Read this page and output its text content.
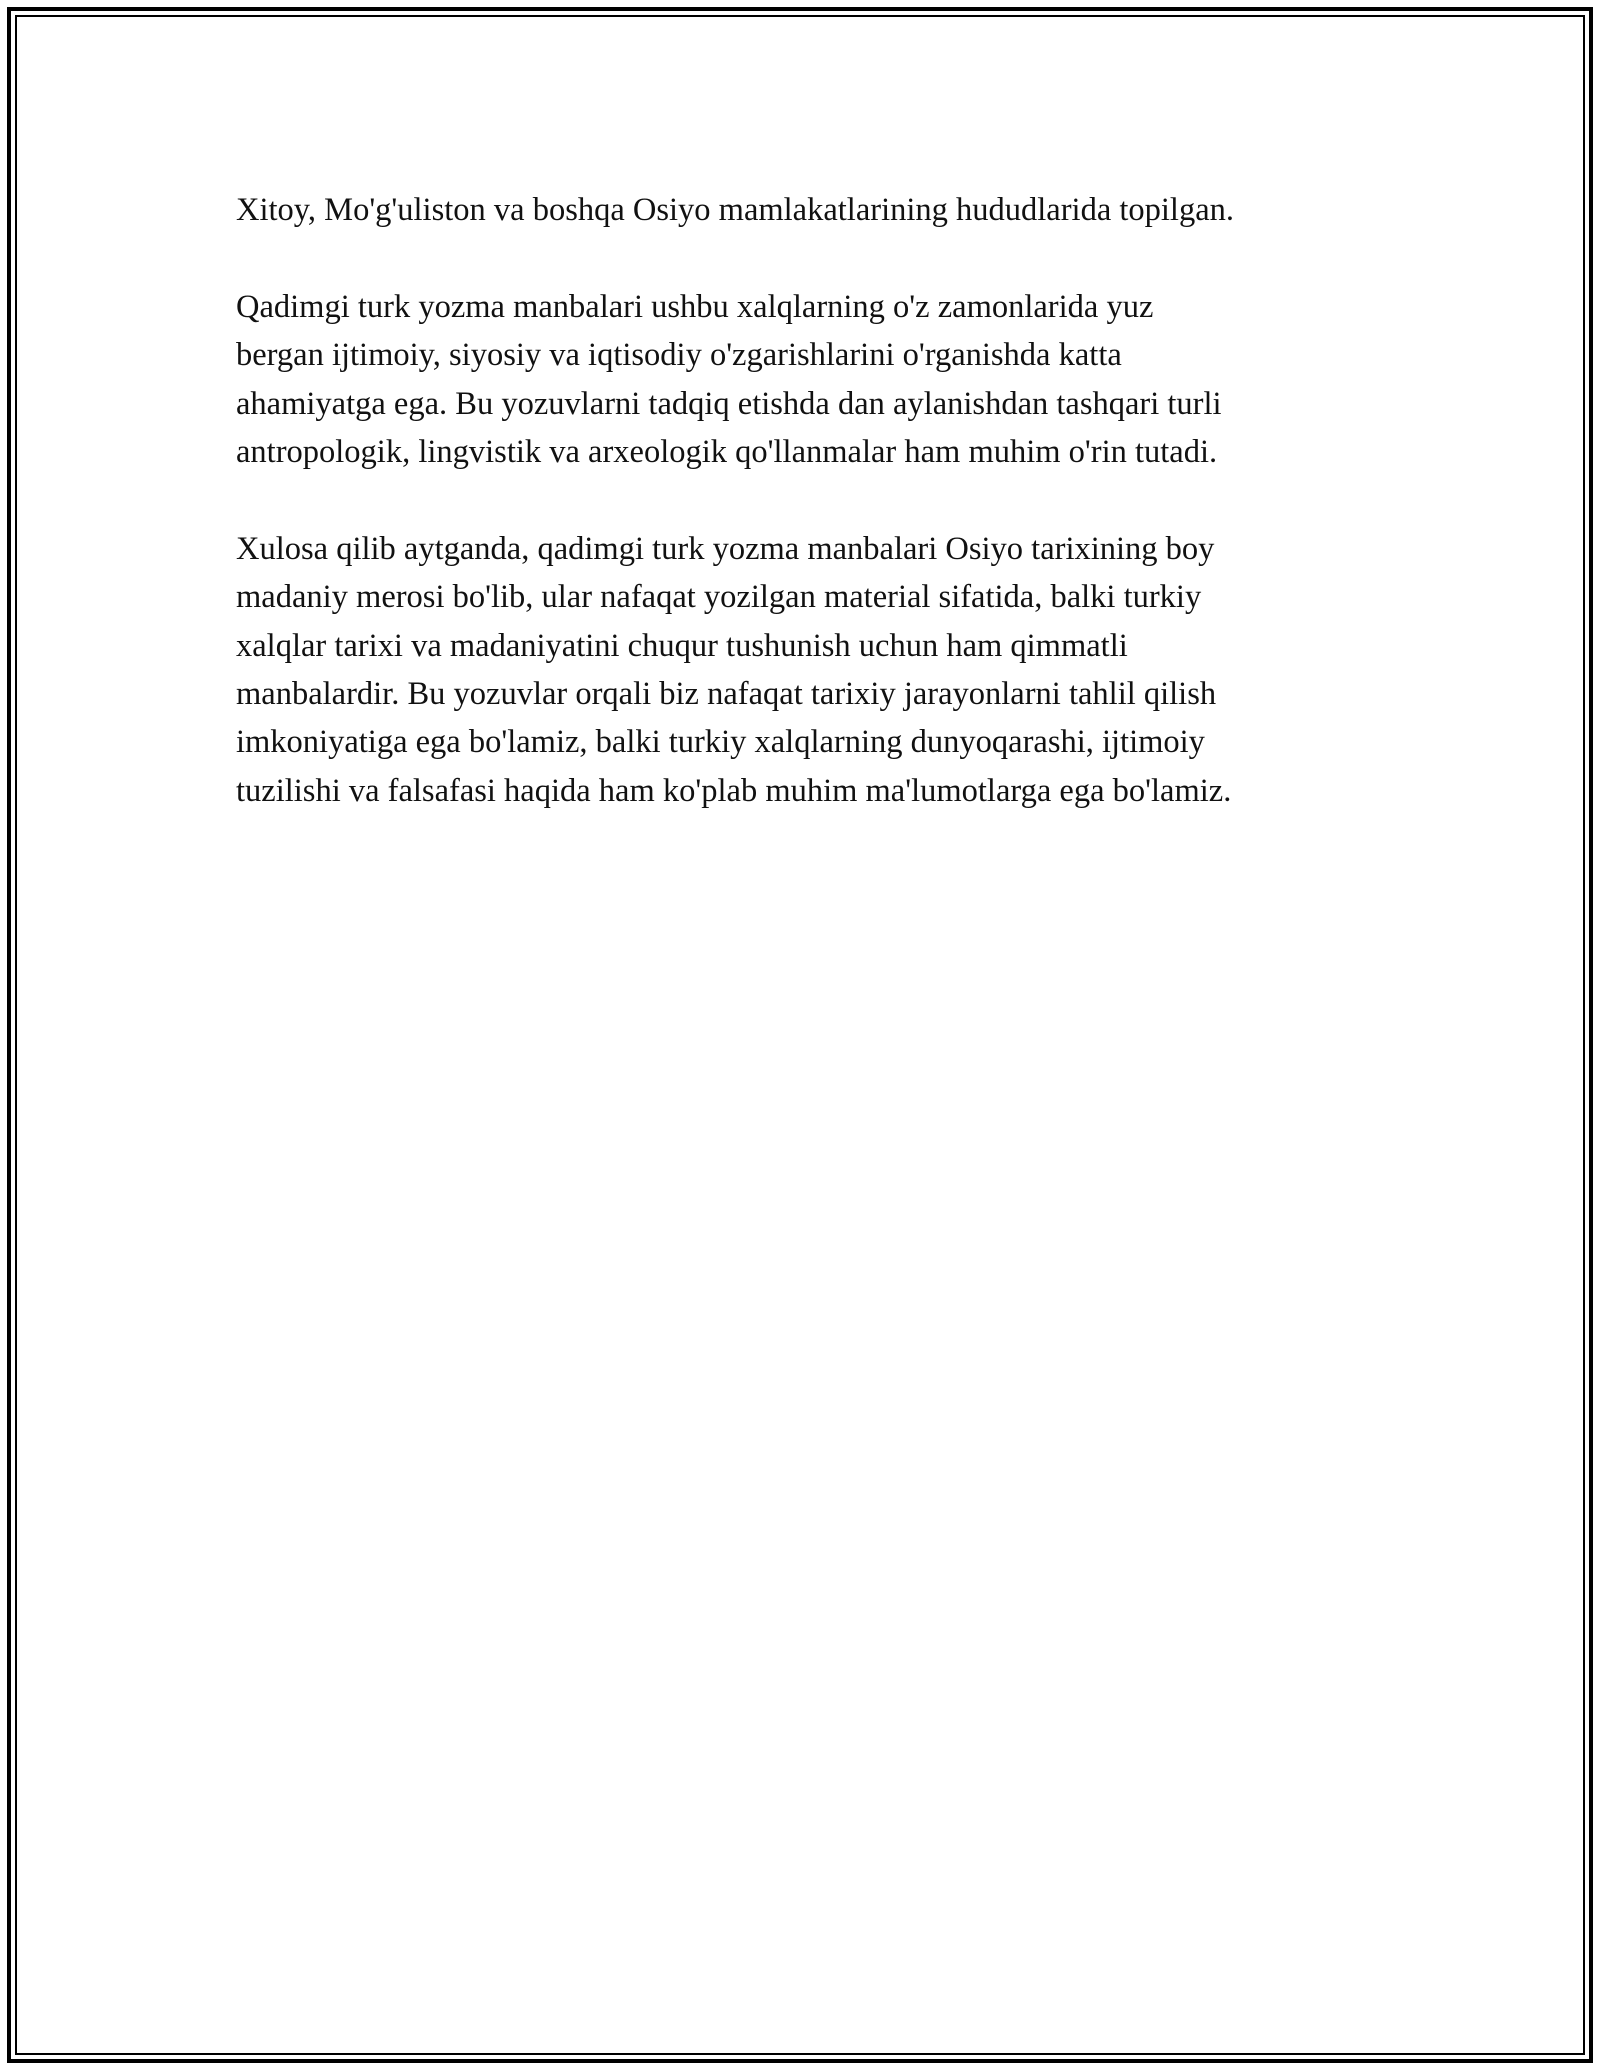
Xitoy, Mo'g'uliston va boshqa Osiyo mamlakatlarining hududlarida topilgan.

Qadimgi turk yozma manbalari ushbu xalqlarning o'z zamonlarida yuz
bergan ijtimoiy, siyosiy va iqtisodiy o'zgarishlarini o'rganishda katta
ahamiyatga ega. Bu yozuvlarni tadqiq etishda dan aylanishdan tashqari turli
antropologik, lingvistik va arxeologik qo'llanmalar ham muhim o'rin tutadi.

Xulosa qilib aytganda, qadimgi turk yozma manbalari Osiyo tarixining boy
madaniy merosi bo'lib, ular nafaqat yozilgan material sifatida, balki turkiy
xalqlar tarixi va madaniyatini chuqur tushunish uchun ham qimmatli
manbalardir. Bu yozuvlar orqali biz nafaqat tarixiy jarayonlarni tahlil qilish
imkoniyatiga ega bo'lamiz, balki turkiy xalqlarning dunyoqarashi, ijtimoiy
tuzilishi va falsafasi haqida ham ko'plab muhim ma'lumotlarga ega bo'lamiz.
